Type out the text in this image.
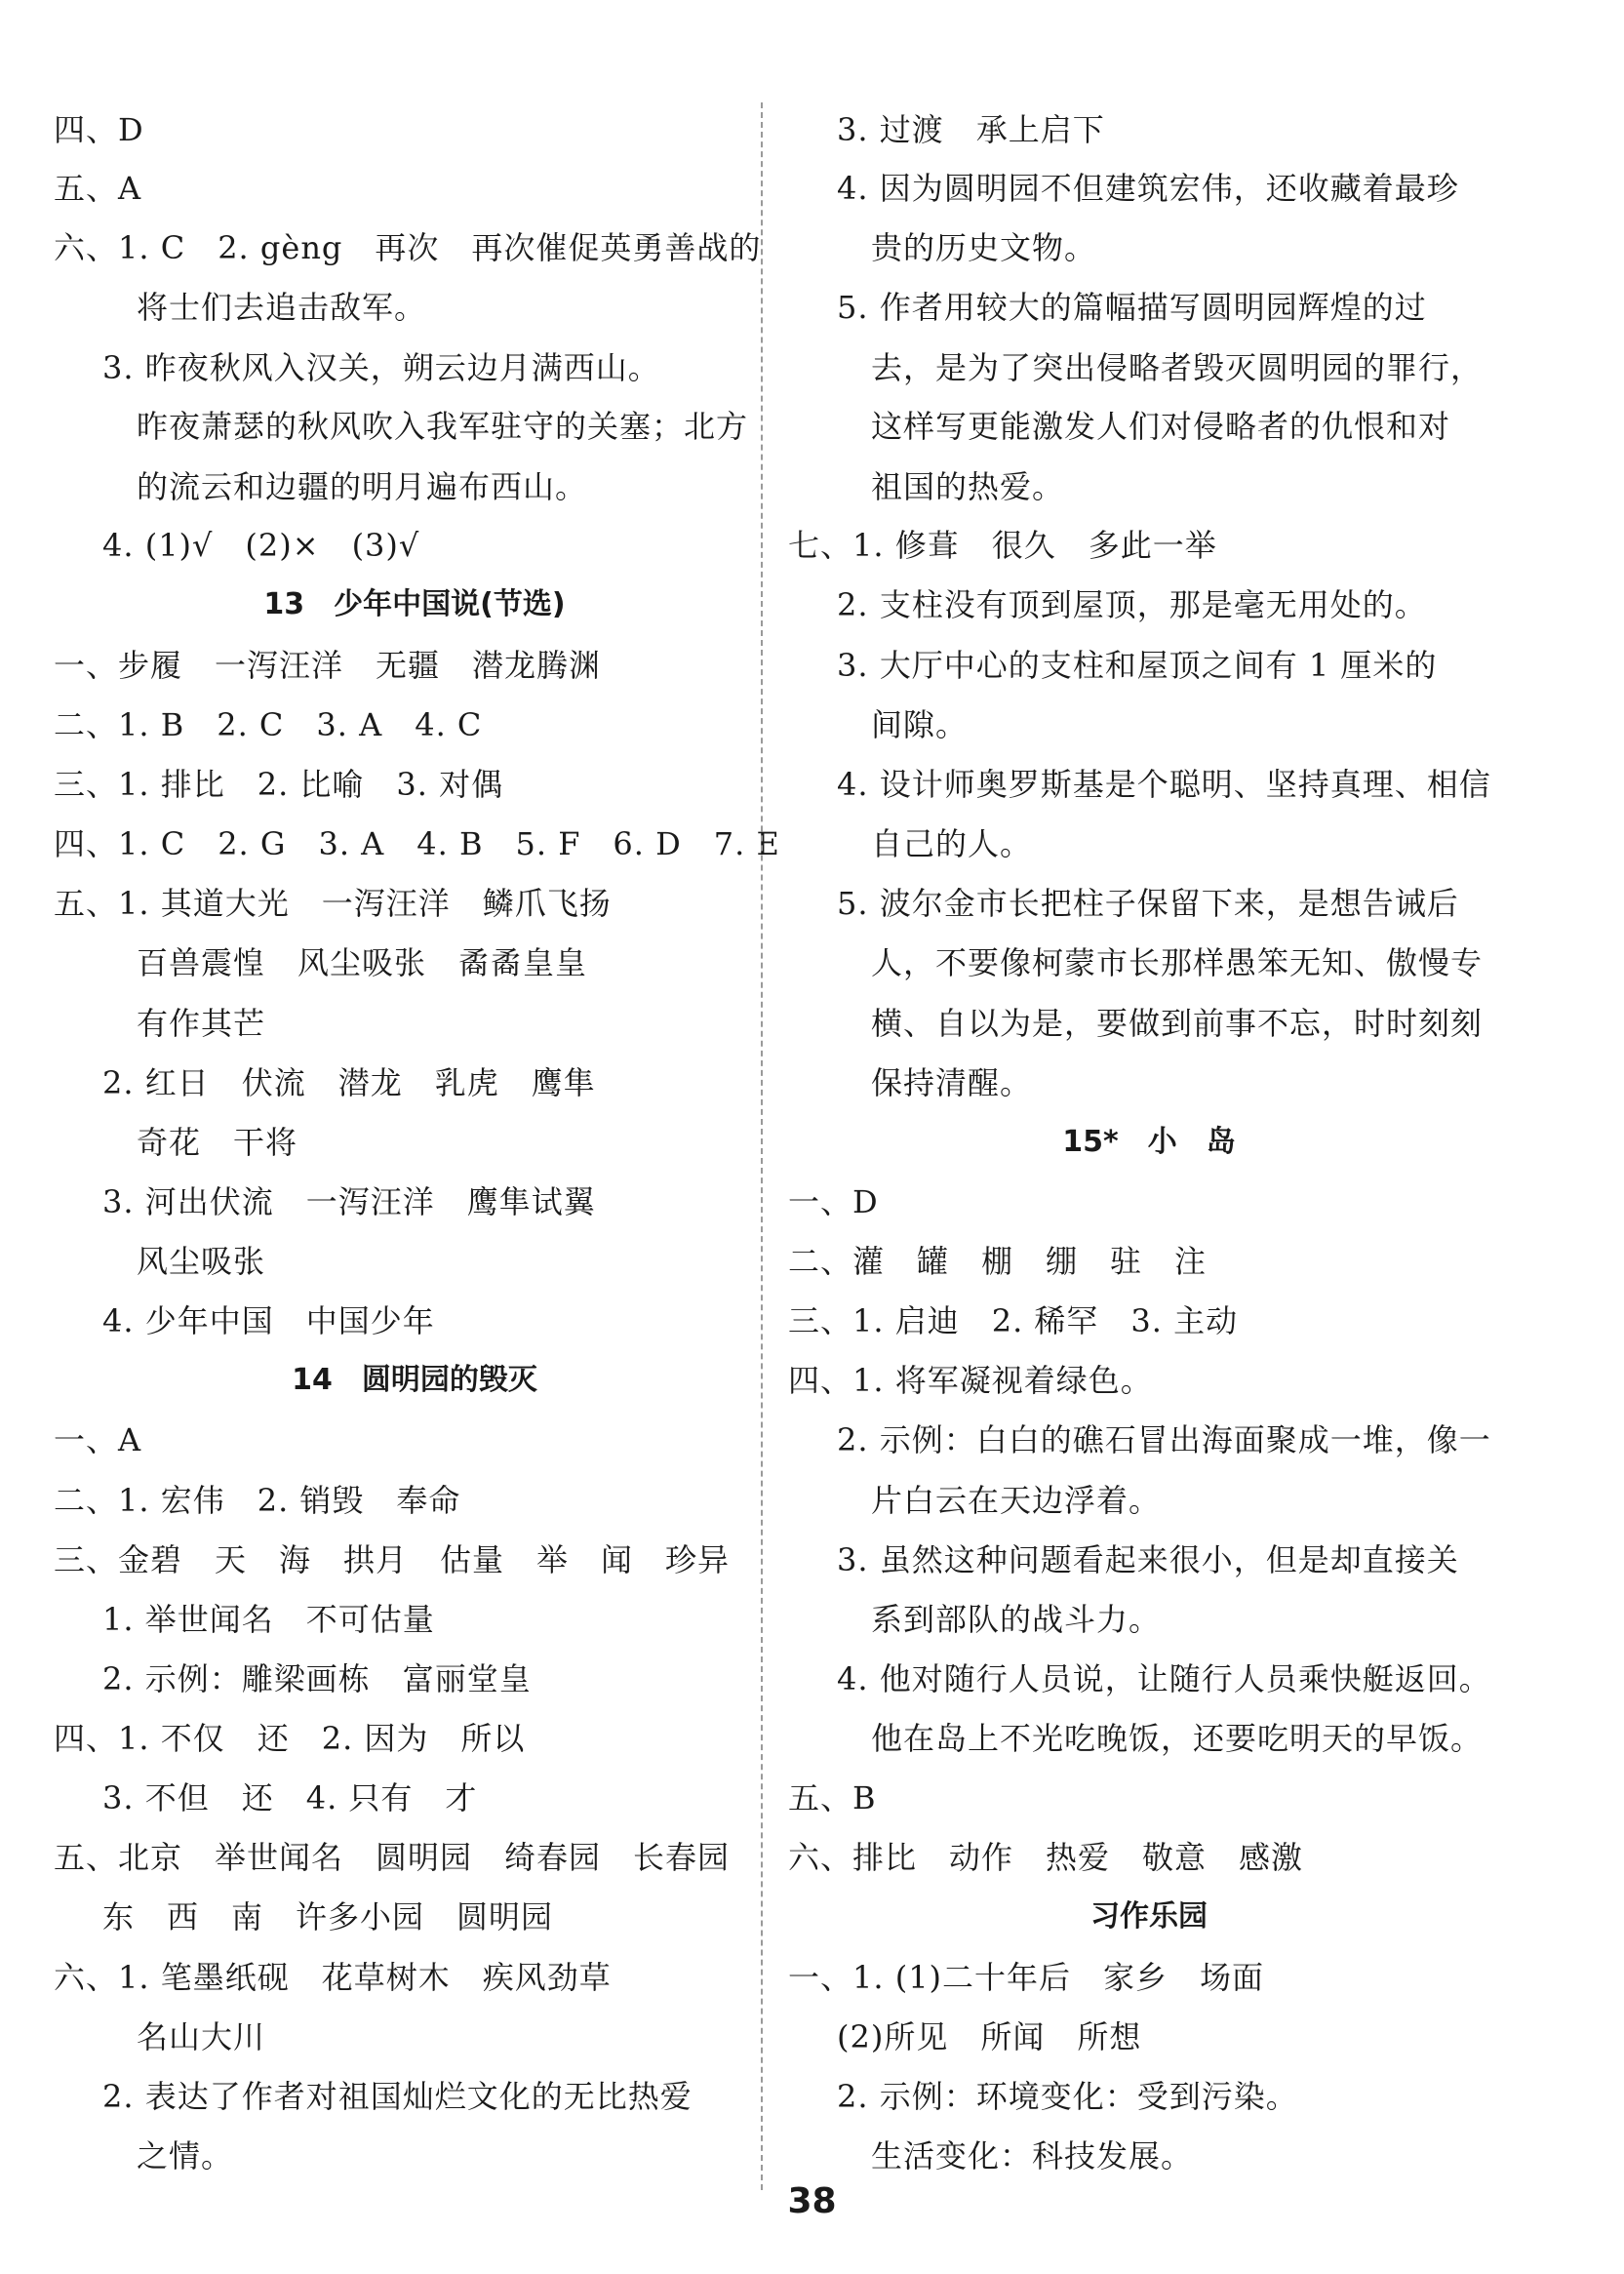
四、D
五、A
六、1. C　2. gèng　再次　再次催促英勇善战的
将士们去追击敌军。
3. 昨夜秋风入汉关，朔云边月满西山。
昨夜萧瑟的秋风吹入我军驻守的关塞；北方
的流云和边疆的明月遍布西山。
4. (1)√　(2)×　(3)√
13　少年中国说(节选)
一、步履　一泻汪洋　无疆　潜龙腾渊
二、1. B　2. C　3. A　4. C
三、1. 排比　2. 比喻　3. 对偶
四、1. C　2. G　3. A　4. B　5. F　6. D　7. E
五、1. 其道大光　一泻汪洋　鳞爪飞扬
百兽震惶　风尘吸张　矞矞皇皇
有作其芒
2. 红日　伏流　潜龙　乳虎　鹰隼
奇花　干将
3. 河出伏流　一泻汪洋　鹰隼试翼
风尘吸张
4. 少年中国　中国少年
14　圆明园的毁灭
一、A
二、1. 宏伟　2. 销毁　奉命
三、金碧　天　海　拱月　估量　举　闻　珍异
1. 举世闻名　不可估量
2. 示例：雕梁画栋　富丽堂皇
四、1. 不仅　还　2. 因为　所以
3. 不但　还　4. 只有　才
五、北京　举世闻名　圆明园　绮春园　长春园
东　西　南　许多小园　圆明园
六、1. 笔墨纸砚　花草树木　疾风劲草
名山大川
2. 表达了作者对祖国灿烂文化的无比热爱
之情。
3. 过渡　承上启下
4. 因为圆明园不但建筑宏伟，还收藏着最珍
贵的历史文物。
5. 作者用较大的篇幅描写圆明园辉煌的过
去，是为了突出侵略者毁灭圆明园的罪行，
这样写更能激发人们对侵略者的仇恨和对
祖国的热爱。
七、1. 修葺　很久　多此一举
2. 支柱没有顶到屋顶，那是毫无用处的。
3. 大厅中心的支柱和屋顶之间有 1 厘米的
间隙。
4. 设计师奥罗斯基是个聪明、坚持真理、相信
自己的人。
5. 波尔金市长把柱子保留下来，是想告诫后
人，不要像柯蒙市长那样愚笨无知、傲慢专
横、自以为是，要做到前事不忘，时时刻刻
保持清醒。
15*　小　岛
一、D
二、灌　罐　棚　绷　驻　注
三、1. 启迪　2. 稀罕　3. 主动
四、1. 将军凝视着绿色。
2. 示例：白白的礁石冒出海面聚成一堆，像一
片白云在天边浮着。
3. 虽然这种问题看起来很小，但是却直接关
系到部队的战斗力。
4. 他对随行人员说，让随行人员乘快艇返回。
他在岛上不光吃晚饭，还要吃明天的早饭。
五、B
六、排比　动作　热爱　敬意　感激
习作乐园
一、1. (1)二十年后　家乡　场面
(2)所见　所闻　所想
2. 示例：环境变化：受到污染。
生活变化：科技发展。
38
